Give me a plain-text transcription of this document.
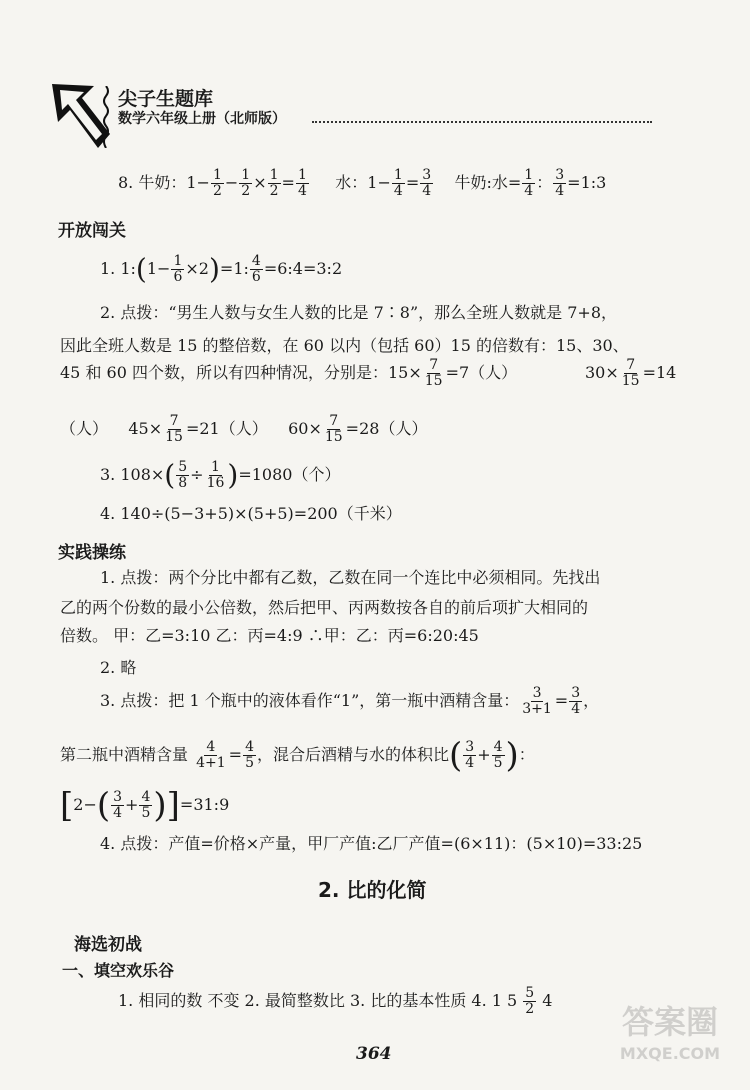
尖子生题库
数学六年级上册（北师版）
8. 牛奶：$1- \frac{1}{2} - \frac{1}{2} \times \frac{1}{2} = \frac{1}{4}$ 水：$1- \frac{1}{4} = \frac{3}{4}$ 牛奶:水= $\frac{1}{4}$ ： $\frac{3}{4}$ =1:3
开放闯关
1. 1:(1− $\frac{1}{6} \times 2)=1$: $\frac{4}{6}$ =6:4=3:2
2. 点拨：“男生人数与女生人数的比是 7∶8”，那么全班人数就是 7+8，
因此全班人数是 15 的整倍数，在 60 以内（包括 60）15 的倍数有：15、30、
45 和 60 四个数，所以有四种情况，分别是：$15\times \frac{7}{15} =7$（人）	$30\times \frac{7}{15} =14$
（人） $45\times \frac{7}{15} =21$（人） $60\times \frac{7}{15} =28$（人）
3. $108\times( \frac{5}{8} \div \frac{1}{16} )=1080$（个）
4. 140÷(5−3+5)×(5+5)=200（千米）
实践操练
1. 点拨：两个分比中都有乙数，乙数在同一个连比中必须相同。先找出
乙的两个份数的最小公倍数，然后把甲、丙两数按各自的前后项扩大相同的
倍数。 甲：乙=3:10 乙：丙=4:9 ∴甲：乙：丙=6:20:45
2. 略
3. 点拨：把 1 个瓶中的液体看作“1”，第一瓶中酒精含量： $\frac{3}{3+1} = \frac{3}{4}$ ，
第二瓶中酒精含量 $\frac{4}{4+1} = \frac{4}{5}$ ，混合后酒精与水的体积比( $\frac{3}{4} + \frac{4}{5}$ )：
[$2-( \frac{3}{4} + \frac{4}{5}$ )]=31:9
4. 点拨：产值=价格×产量，甲厂产值:乙厂产值=(6×11)：(5×10)=33:25
2. 比的化简
海选初战
一、填空欢乐谷
1. 相同的数 不变 2. 最简整数比 3. 比的基本性质 4. 1 $5 \frac{5}{2} 4$
364
答案圈
MXQE.COM
